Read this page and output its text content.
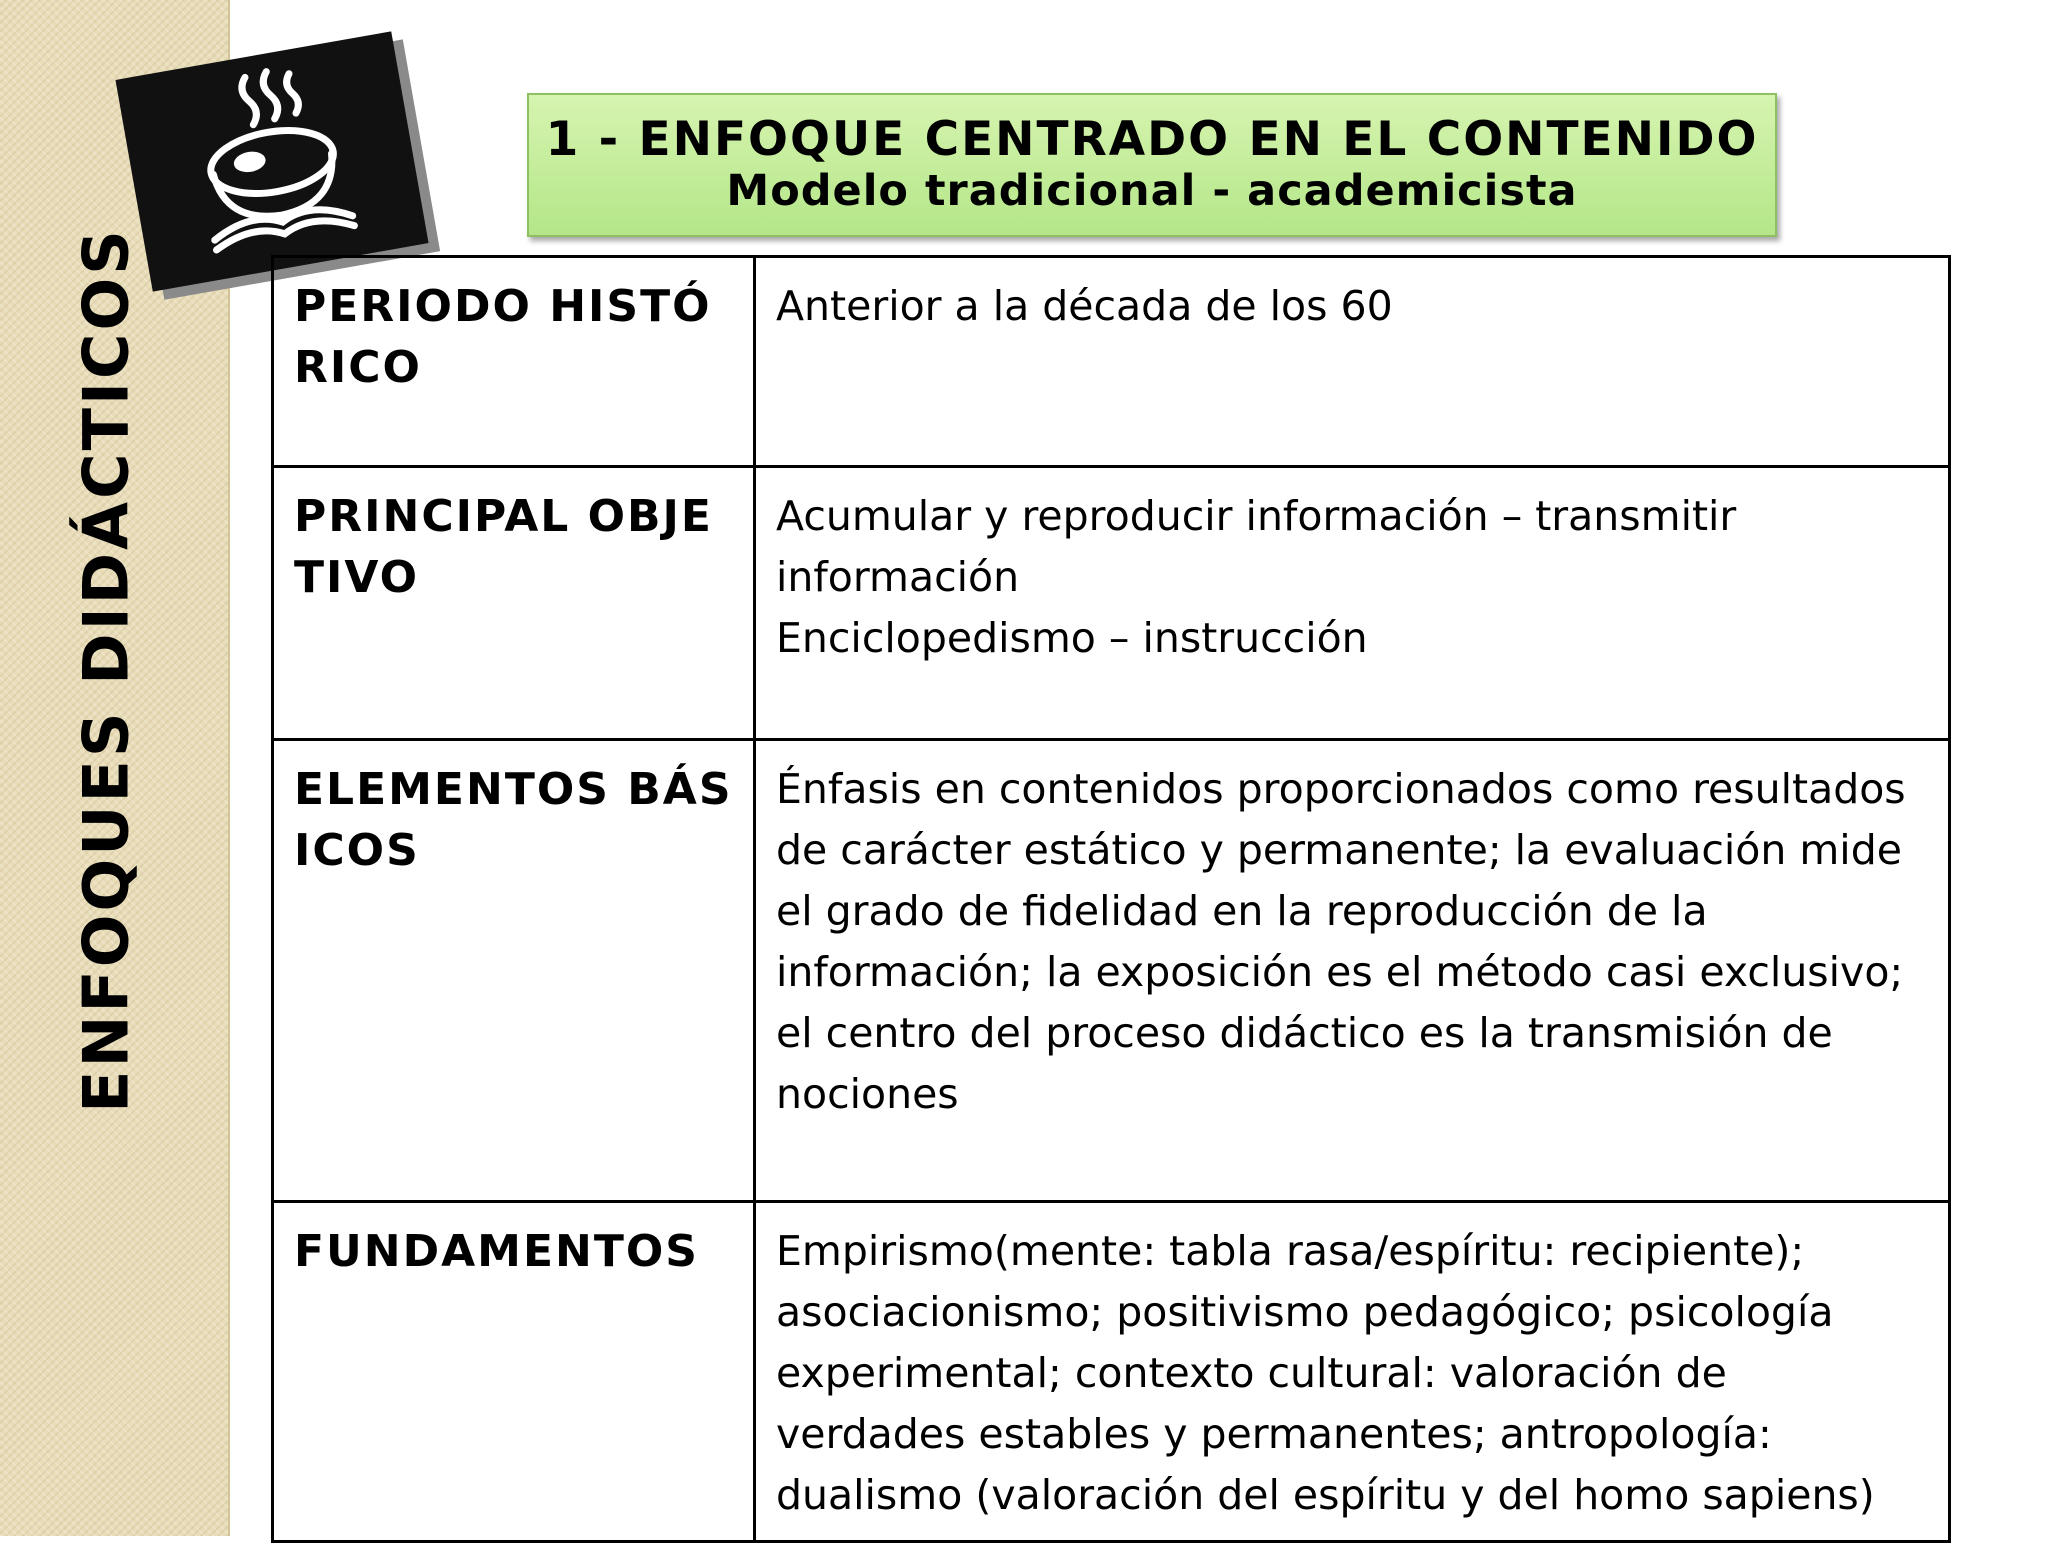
ENFOQUES DIDÁCTICOS
1 - ENFOQUE CENTRADO EN EL CONTENIDO
Modelo tradicional - academicista
PERIODO HISTÓRICO	Anterior a la década de los 60

PRINCIPAL OBJETIVO	Acumular y reproducir información – transmitir información
Enciclopedismo – instrucción

ELEMENTOS BÁSICOS	Énfasis en contenidos proporcionados como resultados de carácter estático y permanente; la evaluación mide el grado de fidelidad en la reproducción de la información; la exposición es el método casi exclusivo; el centro del proceso didáctico es la transmisión de nociones

FUNDAMENTOS	Empirismo(mente: tabla rasa/espíritu: recipiente); asociacionismo; positivismo pedagógico; psicología experimental; contexto cultural: valoración de verdades estables y permanentes; antropología: dualismo (valoración del espíritu y del homo sapiens)
